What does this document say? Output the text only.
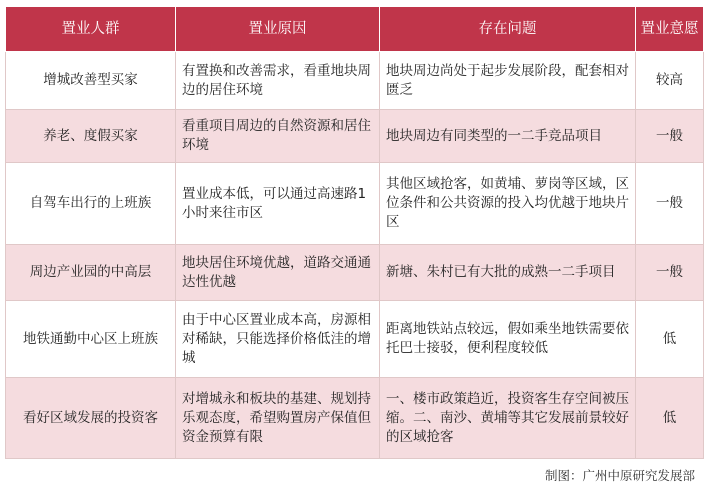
置业人群	置业原因	存在问题	置业意愿
增城改善型买家	有置换和改善需求，看重地块周边的居住环境	地块周边尚处于起步发展阶段，配套相对匮乏	较高
养老、度假买家	看重项目周边的自然资源和居住环境	地块周边有同类型的一二手竞品项目	一般
自驾车出行的上班族	置业成本低，可以通过高速路1小时来往市区	其他区域抢客，如黄埔、萝岗等区域，区位条件和公共资源的投入均优越于地块片区	一般
周边产业园的中高层	地块居住环境优越，道路交通通达性优越	新塘、朱村已有大批的成熟一二手项目	一般
地铁通勤中心区上班族	由于中心区置业成本高，房源相对稀缺，只能选择价格低洼的增城	距离地铁站点较远，假如乘坐地铁需要依托巴士接驳，便利程度较低	低
看好区域发展的投资客	对增城永和板块的基建、规划持乐观态度，希望购置房产保值但资金预算有限	一、楼市政策趋近，投资客生存空间被压缩。二、南沙、黄埔等其它发展前景较好的区域抢客	低
制图：广州中原研究发展部
